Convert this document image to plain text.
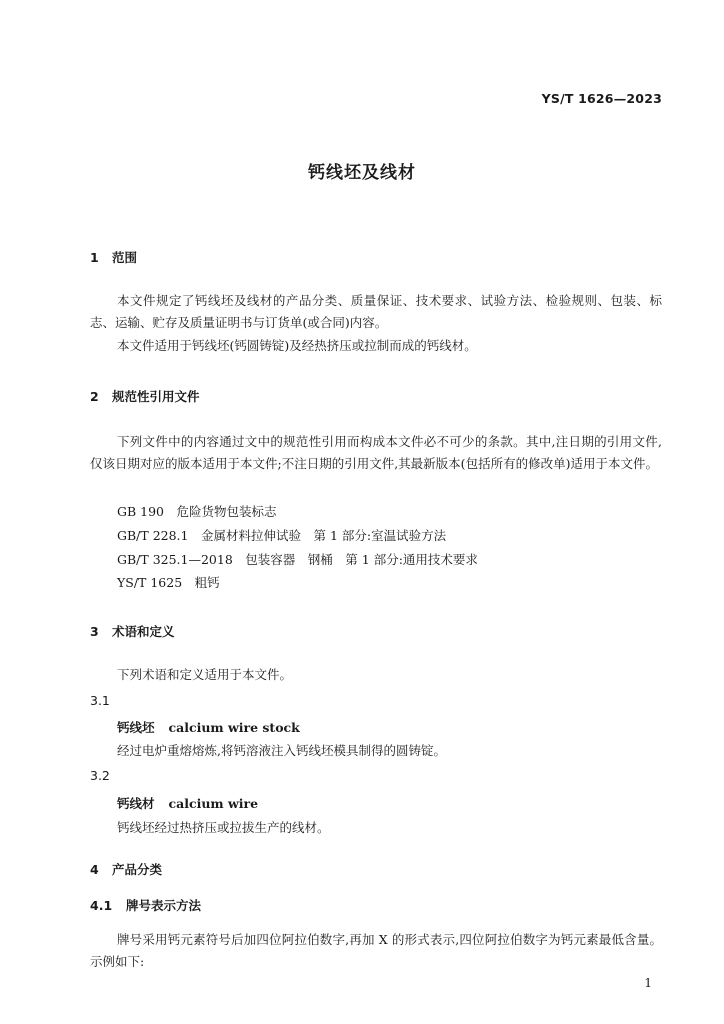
YS/T 1626—2023
钙线坯及线材
1 范围
本文件规定了钙线坯及线材的产品分类、质量保证、技术要求、试验方法、检验规则、包装、标志、运输、贮存及质量证明书与订货单(或合同)内容。
本文件适用于钙线坯(钙圆铸锭)及经热挤压或拉制而成的钙线材。
2 规范性引用文件
下列文件中的内容通过文中的规范性引用而构成本文件必不可少的条款。其中,注日期的引用文件,仅该日期对应的版本适用于本文件;不注日期的引用文件,其最新版本(包括所有的修改单)适用于本文件。
GB 190　危险货物包装标志
GB/T 228.1　金属材料拉伸试验　第 1 部分:室温试验方法
GB/T 325.1—2018　包装容器　钢桶　第 1 部分:通用技术要求
YS/T 1625　粗钙
3 术语和定义
下列术语和定义适用于本文件。
3.1
钙线坯 calcium wire stock
经过电炉重熔熔炼,将钙溶液注入钙线坯模具制得的圆铸锭。
3.2
钙线材 calcium wire
钙线坯经过热挤压或拉拔生产的线材。
4 产品分类
4.1 牌号表示方法
牌号采用钙元素符号后加四位阿拉伯数字,再加 X 的形式表示,四位阿拉伯数字为钙元素最低含量。示例如下:
1
